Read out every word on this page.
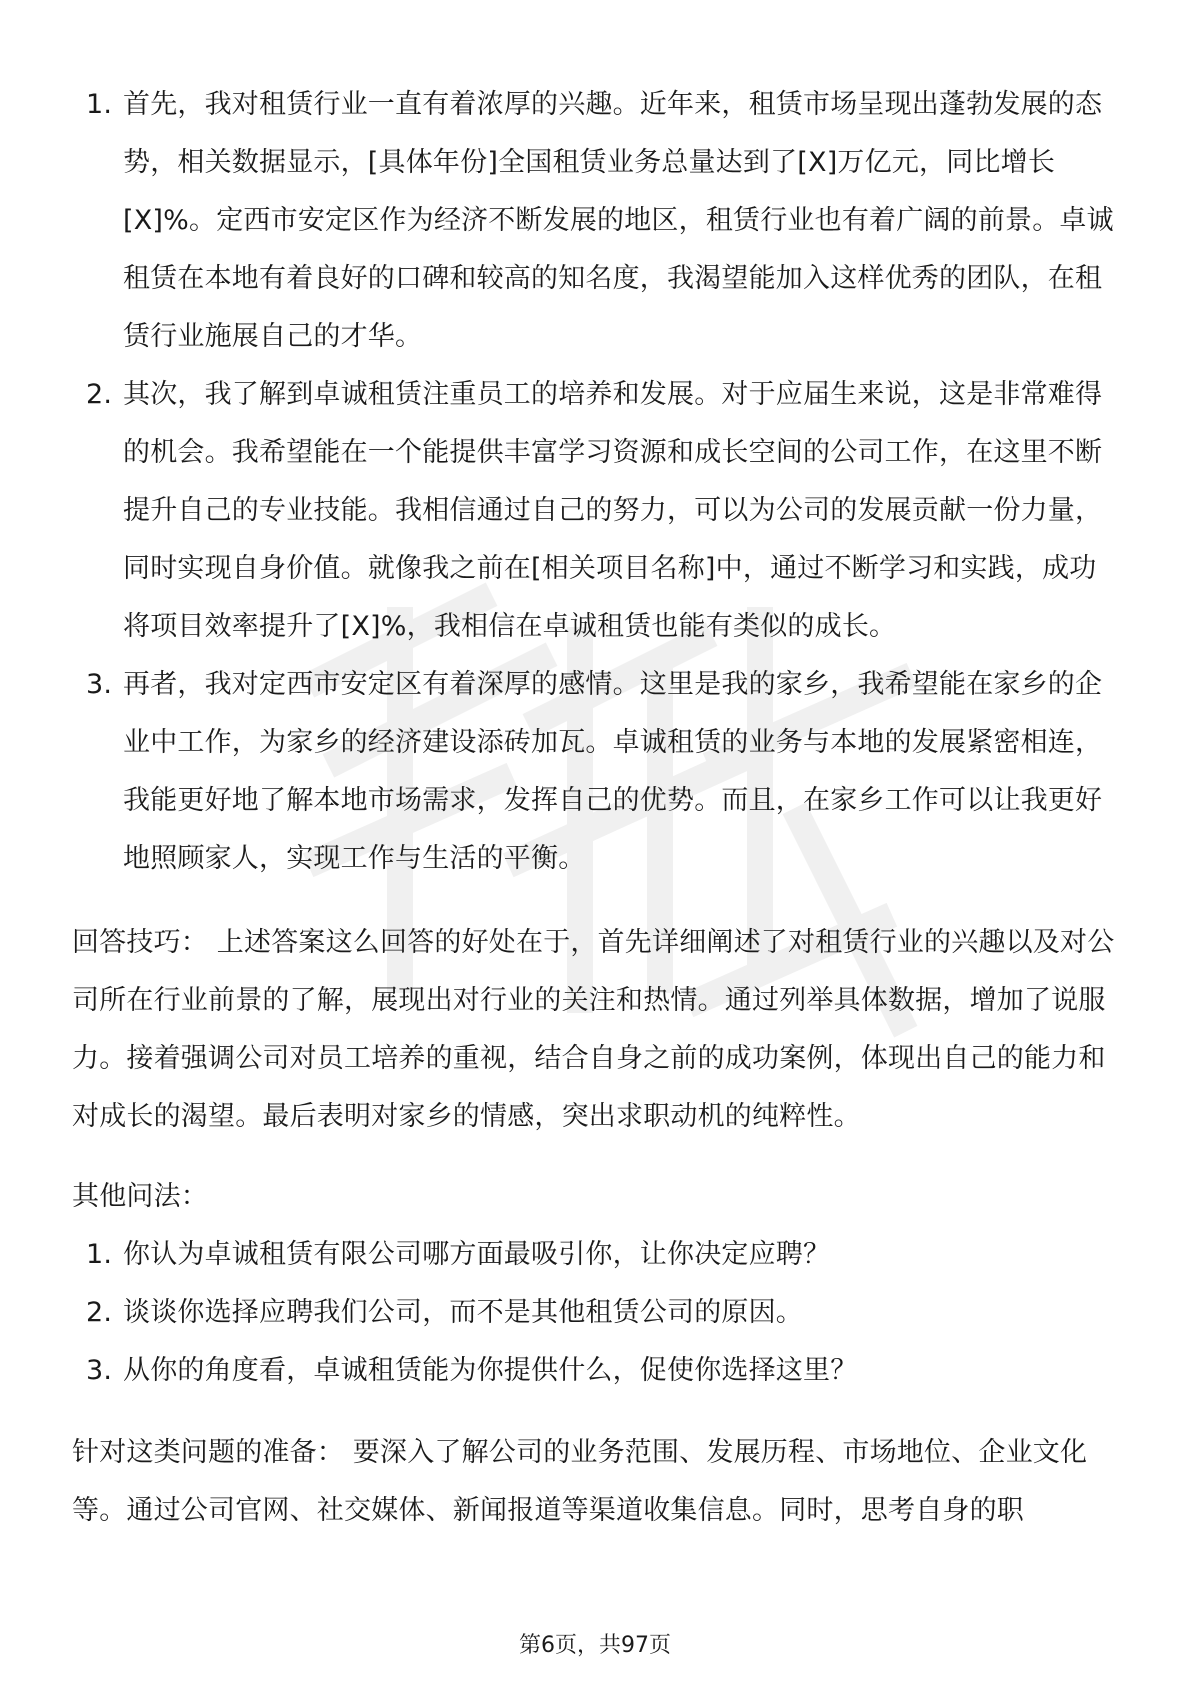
1. 首先，我对租赁行业一直有着浓厚的兴趣。近年来，租赁市场呈现出蓬勃发展的态势，相关数据显示，[具体年份]全国租赁业务总量达到了[X]万亿元，同比增长[X]%。定西市安定区作为经济不断发展的地区，租赁行业也有着广阔的前景。卓诚租赁在本地有着良好的口碑和较高的知名度，我渴望能加入这样优秀的团队，在租赁行业施展自己的才华。
2. 其次，我了解到卓诚租赁注重员工的培养和发展。对于应届生来说，这是非常难得的机会。我希望能在一个能提供丰富学习资源和成长空间的公司工作，在这里不断提升自己的专业技能。我相信通过自己的努力，可以为公司的发展贡献一份力量，同时实现自身价值。就像我之前在[相关项目名称]中，通过不断学习和实践，成功将项目效率提升了[X]%，我相信在卓诚租赁也能有类似的成长。
3. 再者，我对定西市安定区有着深厚的感情。这里是我的家乡，我希望能在家乡的企业中工作，为家乡的经济建设添砖加瓦。卓诚租赁的业务与本地的发展紧密相连，我能更好地了解本地市场需求，发挥自己的优势。而且，在家乡工作可以让我更好地照顾家人，实现工作与生活的平衡。

回答技巧： 上述答案这么回答的好处在于，首先详细阐述了对租赁行业的兴趣以及对公司所在行业前景的了解，展现出对行业的关注和热情。通过列举具体数据，增加了说服力。接着强调公司对员工培养的重视，结合自身之前的成功案例，体现出自己的能力和对成长的渴望。最后表明对家乡的情感，突出求职动机的纯粹性。

其他问法：

1. 你认为卓诚租赁有限公司哪方面最吸引你，让你决定应聘？
2. 谈谈你选择应聘我们公司，而不是其他租赁公司的原因。
3. 从你的角度看，卓诚租赁能为你提供什么，促使你选择这里？

针对这类问题的准备： 要深入了解公司的业务范围、发展历程、市场地位、企业文化等。通过公司官网、社交媒体、新闻报道等渠道收集信息。同时，思考自身的职

第6页，共97页
